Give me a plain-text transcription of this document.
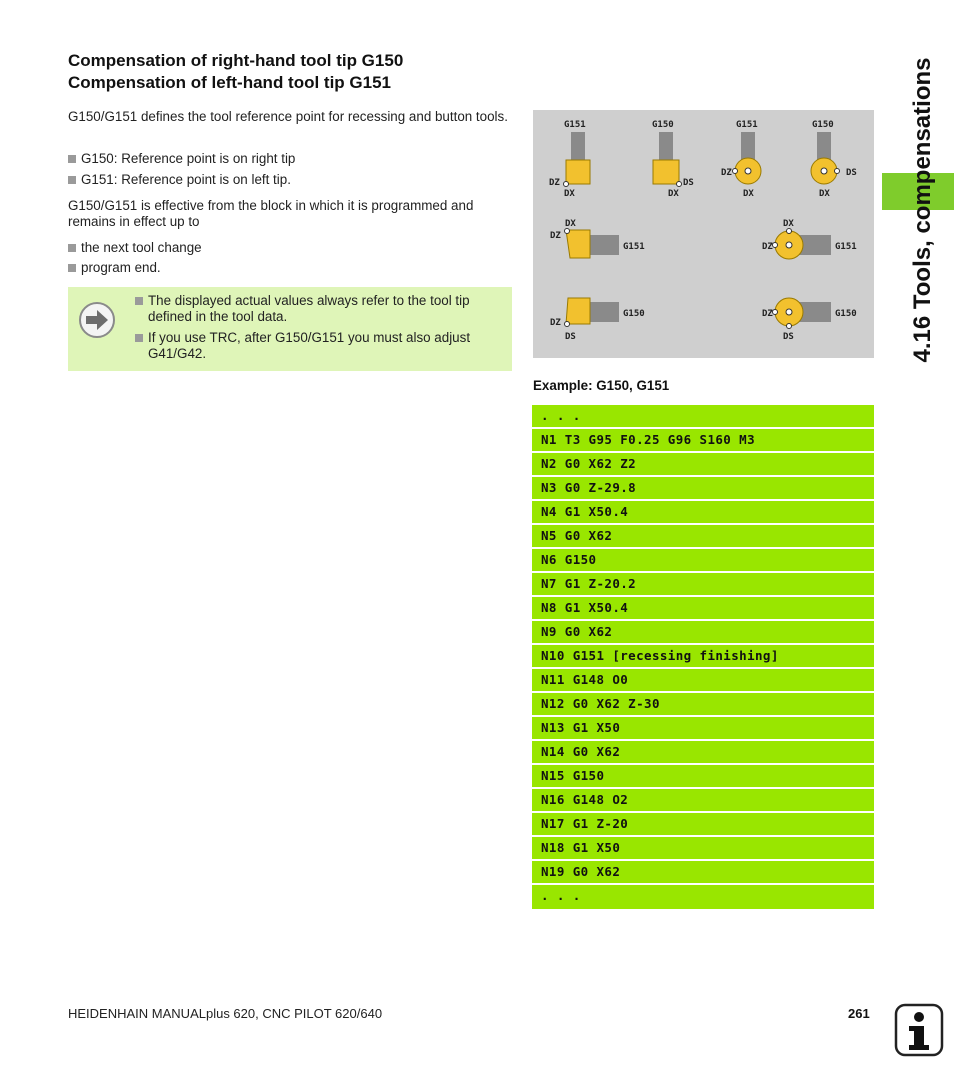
Compensation of right-hand tool tip G150
Compensation of left-hand tool tip G151
G150/G151 defines the tool reference point for recessing and button tools.
G150: Reference point is on right tip
G151: Reference point is on left tip.
G150/G151 is effective from the block in which it is programmed and remains in effect up to
the next tool change
program end.
The displayed actual values always refer to the tool tip defined in the tool data.
If you use TRC, after G150/G151 you must also adjust G41/G42.
G151
DZ
DX
G150
DS
DX
G151
DZ
DX
G150
DS
DX
DX
DZ
G151
DX
DZ	G151
DZ
DS
G150	DZ
DS
G150
Example: G150, G151
. . .
N1 T3 G95 F0.25 G96 S160 M3
N2 G0 X62 Z2
N3 G0 Z-29.8
N4 G1 X50.4
N5 G0 X62
N6 G150
N7 G1 Z-20.2
N8 G1 X50.4
N9 G0 X62
N10 G151 [recessing finishing]
N11 G148 O0
N12 G0 X62 Z-30
N13 G1 X50
N14 G0 X62
N15 G150
N16 G148 O2
N17 G1 Z-20
N18 G1 X50
N19 G0 X62
. . .
4.16 Tools, compensations
HEIDENHAIN MANUALplus 620, CNC PILOT 620/640	261
